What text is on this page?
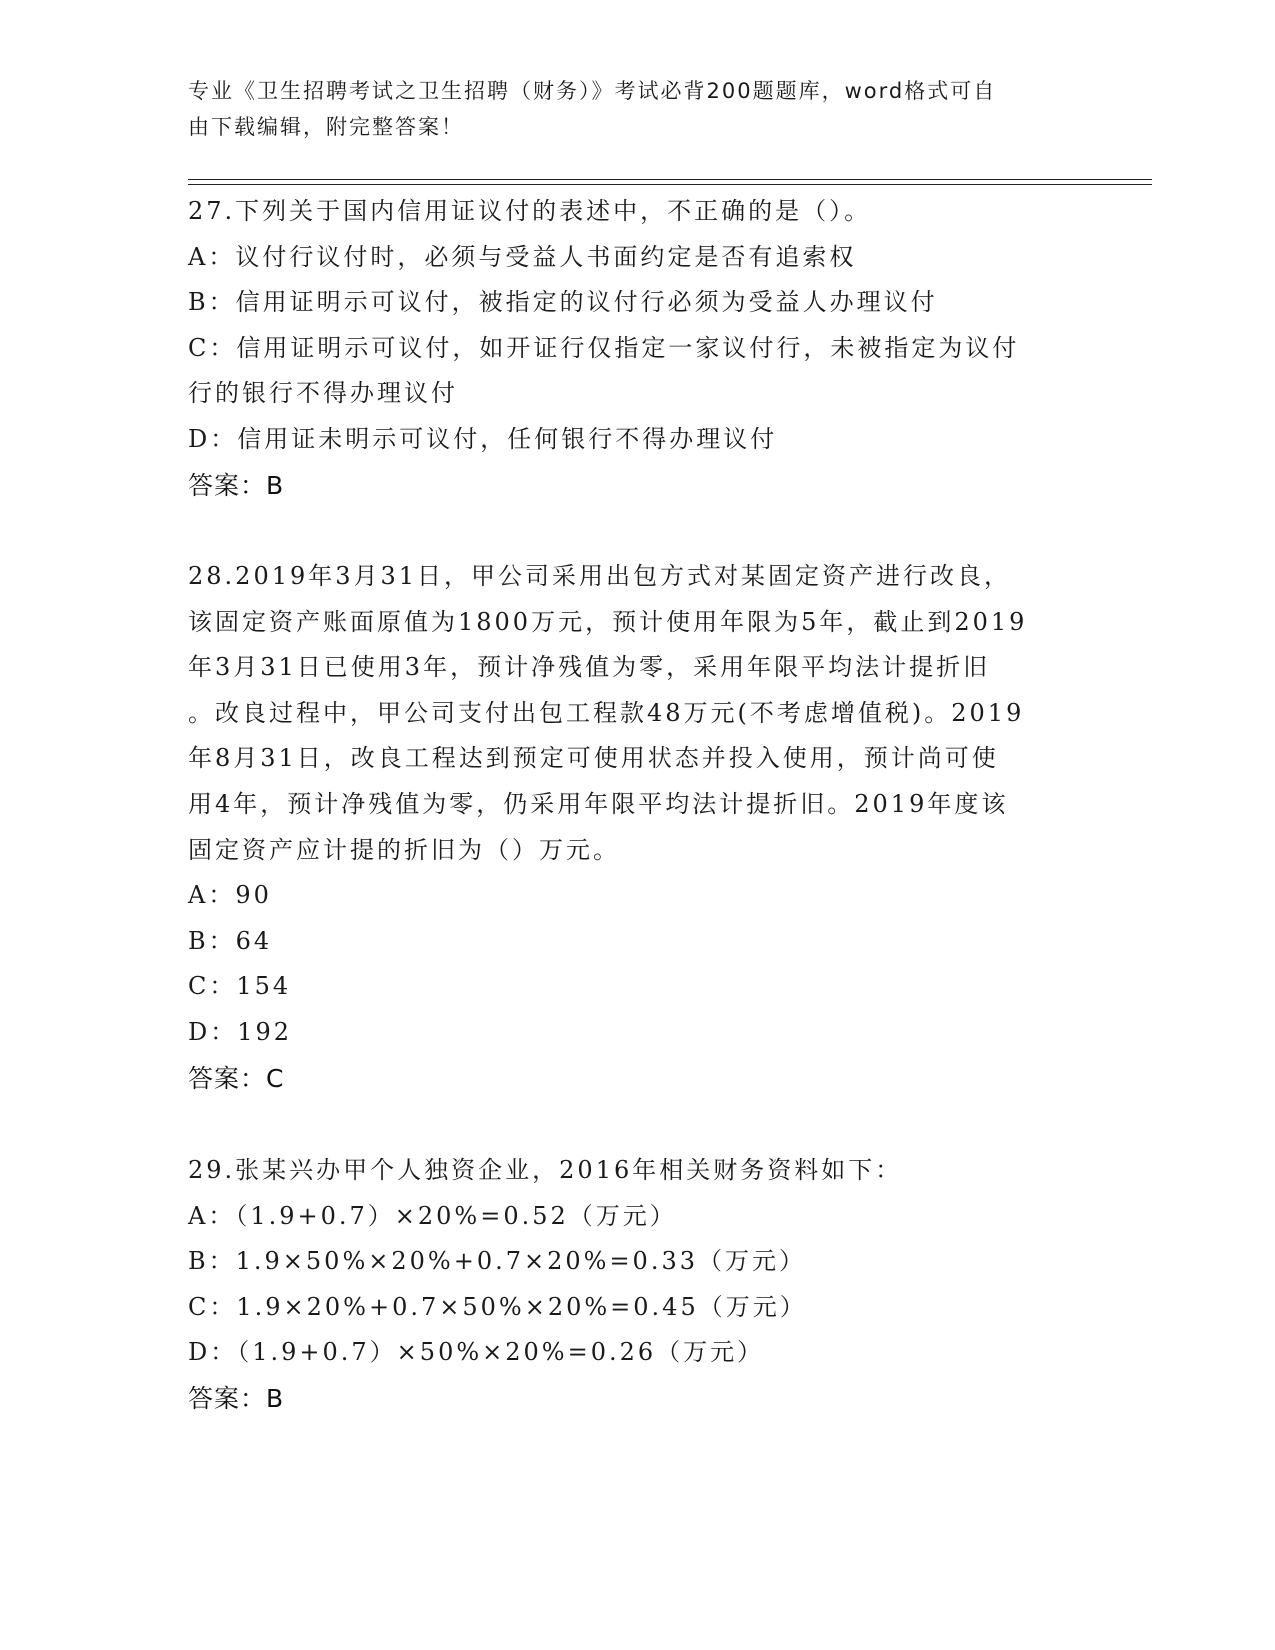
专业《卫生招聘考试之卫生招聘（财务）》考试必背200题题库，word格式可自
由下载编辑，附完整答案！
27.下列关于国内信用证议付的表述中，不正确的是（）。
A：议付行议付时，必须与受益人书面约定是否有追索权
B：信用证明示可议付，被指定的议付行必须为受益人办理议付
C：信用证明示可议付，如开证行仅指定一家议付行，未被指定为议付
行的银行不得办理议付
D：信用证未明示可议付，任何银行不得办理议付
答案：B
28.2019年3月31日，甲公司采用出包方式对某固定资产进行改良，
该固定资产账面原值为1800万元，预计使用年限为5年，截止到2019
年3月31日已使用3年，预计净残值为零，采用年限平均法计提折旧
。改良过程中，甲公司支付出包工程款48万元(不考虑增值税)。2019
年8月31日，改良工程达到预定可使用状态并投入使用，预计尚可使
用4年，预计净残值为零，仍采用年限平均法计提折旧。2019年度该
固定资产应计提的折旧为（）万元。
A：90
B：64
C：154
D：192
答案：C
29.张某兴办甲个人独资企业，2016年相关财务资料如下：
A：（1.9+0.7）×20%=0.52（万元）
B：1.9×50%×20%+0.7×20%=0.33（万元）
C：1.9×20%+0.7×50%×20%=0.45（万元）
D：（1.9+0.7）×50%×20%=0.26（万元）
答案：B
